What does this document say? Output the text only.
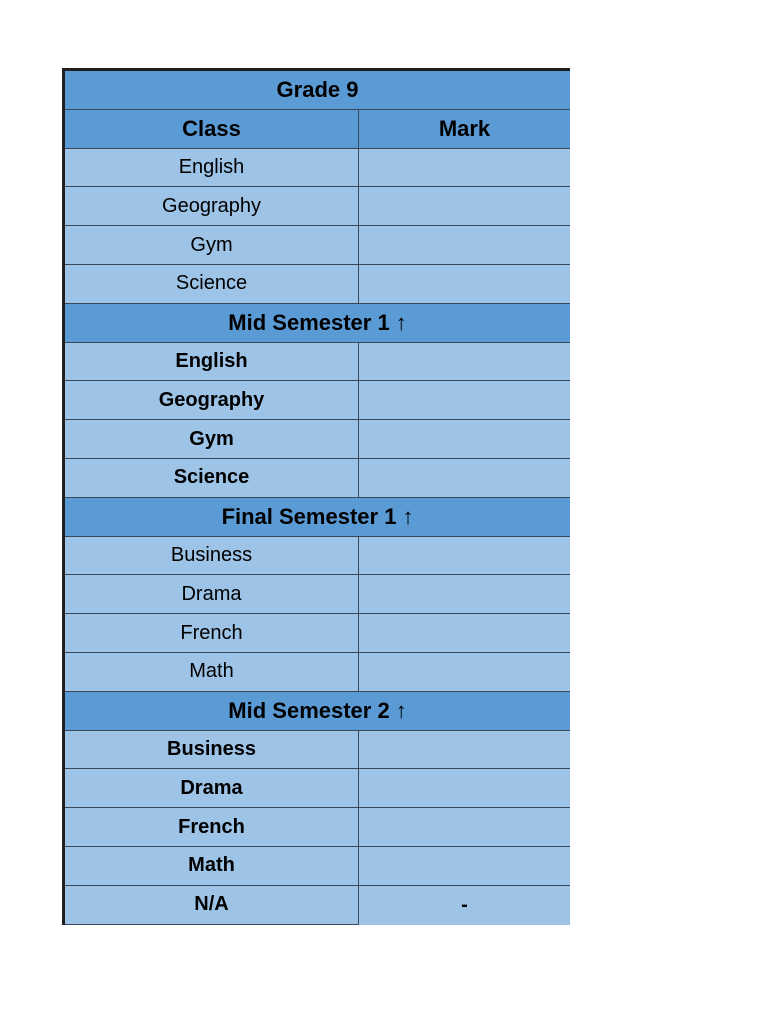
Grade 9
Class	Mark
English
Geography
Gym
Science
Mid Semester 1 ↑
English
Geography
Gym
Science
Final Semester 1 ↑
Business
Drama
French
Math
Mid Semester 2 ↑
Business
Drama
French
Math
N/A	-
